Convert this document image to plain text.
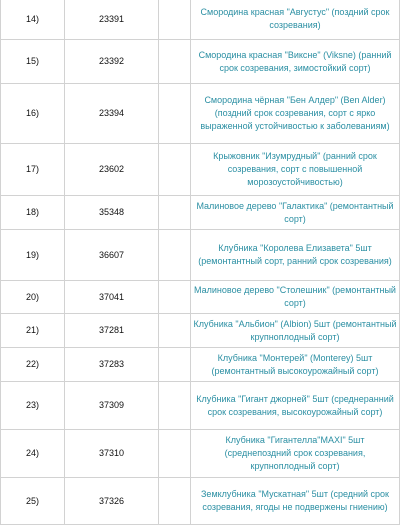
14)	23391		Смородина красная "Августус" (поздний срок созревания)
15)	23392		Смородина красная "Виксне" (Viksne) (ранний срок созревания, зимостойкий сорт)
16)	23394		Смородина чёрная "Бен Алдер" (Ben Alder) (поздний срок созревания, сорт с ярко выраженной устойчивостью к заболеваниям)
17)	23602		Крыжовник "Изумрудный" (ранний срок созревания, сорт с повышенной морозоустойчивостью)
18)	35348		Малиновое дерево "Галактика" (ремонтантный сорт)
19)	36607		Клубника "Королева Елизавета" 5шт (ремонтантный сорт, ранний срок созревания)
20)	37041		Малиновое дерево "Столешник" (ремонтантный сорт)
21)	37281		Клубника "Альбион" (Albion) 5шт (ремонтантный крупноплодный сорт)
22)	37283		Клубника "Монтерей" (Monterey) 5шт (ремонтантный высокоурожайный сорт)
23)	37309		Клубника "Гигант джорней" 5шт (среднеранний срок созревания, высокоурожайный сорт)
24)	37310		Клубника "Гигантелла"MAXI" 5шт (среднепоздний срок созревания, крупноплодный сорт)
25)	37326		Земклубника "Мускатная" 5шт (средний срок созревания, ягоды не подвержены гниению)
